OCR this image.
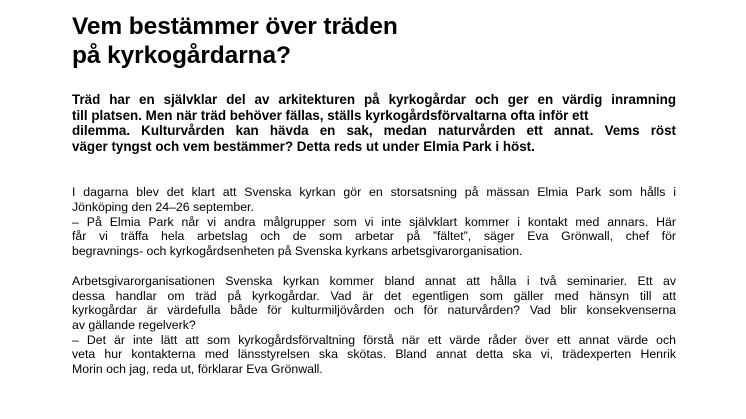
Vem bestämmer över träden
på kyrkogårdarna?

Träd har en självklar del av arkitekturen på kyrkogårdar och ger en värdig inramning
till platsen. Men när träd behöver fällas, ställs kyrkogårdsförvaltarna ofta inför ett
dilemma. Kulturvården kan hävda en sak, medan naturvården ett annat. Vems röst
väger tyngst och vem bestämmer? Detta reds ut under Elmia Park i höst.

I dagarna blev det klart att Svenska kyrkan gör en storsatsning på mässan Elmia Park som hålls i
Jönköping den 24–26 september.
– På Elmia Park når vi andra målgrupper som vi inte självklart kommer i kontakt med annars. Här
får vi träffa hela arbetslag och de som arbetar på ”fältet”, säger Eva Grönwall, chef för
begravnings- och kyrkogårdsenheten på Svenska kyrkans arbetsgivarorganisation.
Arbetsgivarorganisationen Svenska kyrkan kommer bland annat att hålla i två seminarier. Ett av
dessa handlar om träd på kyrkogårdar. Vad är det egentligen som gäller med hänsyn till att
kyrkogårdar är värdefulla både för kulturmiljövården och för naturvården? Vad blir konsekvenserna
av gällande regelverk?
– Det är inte lätt att som kyrkogårdsförvaltning förstå när ett värde råder över ett annat värde och
veta hur kontakterna med länsstyrelsen ska skötas. Bland annat detta ska vi, trädexperten Henrik
Morin och jag, reda ut, förklarar Eva Grönwall.
